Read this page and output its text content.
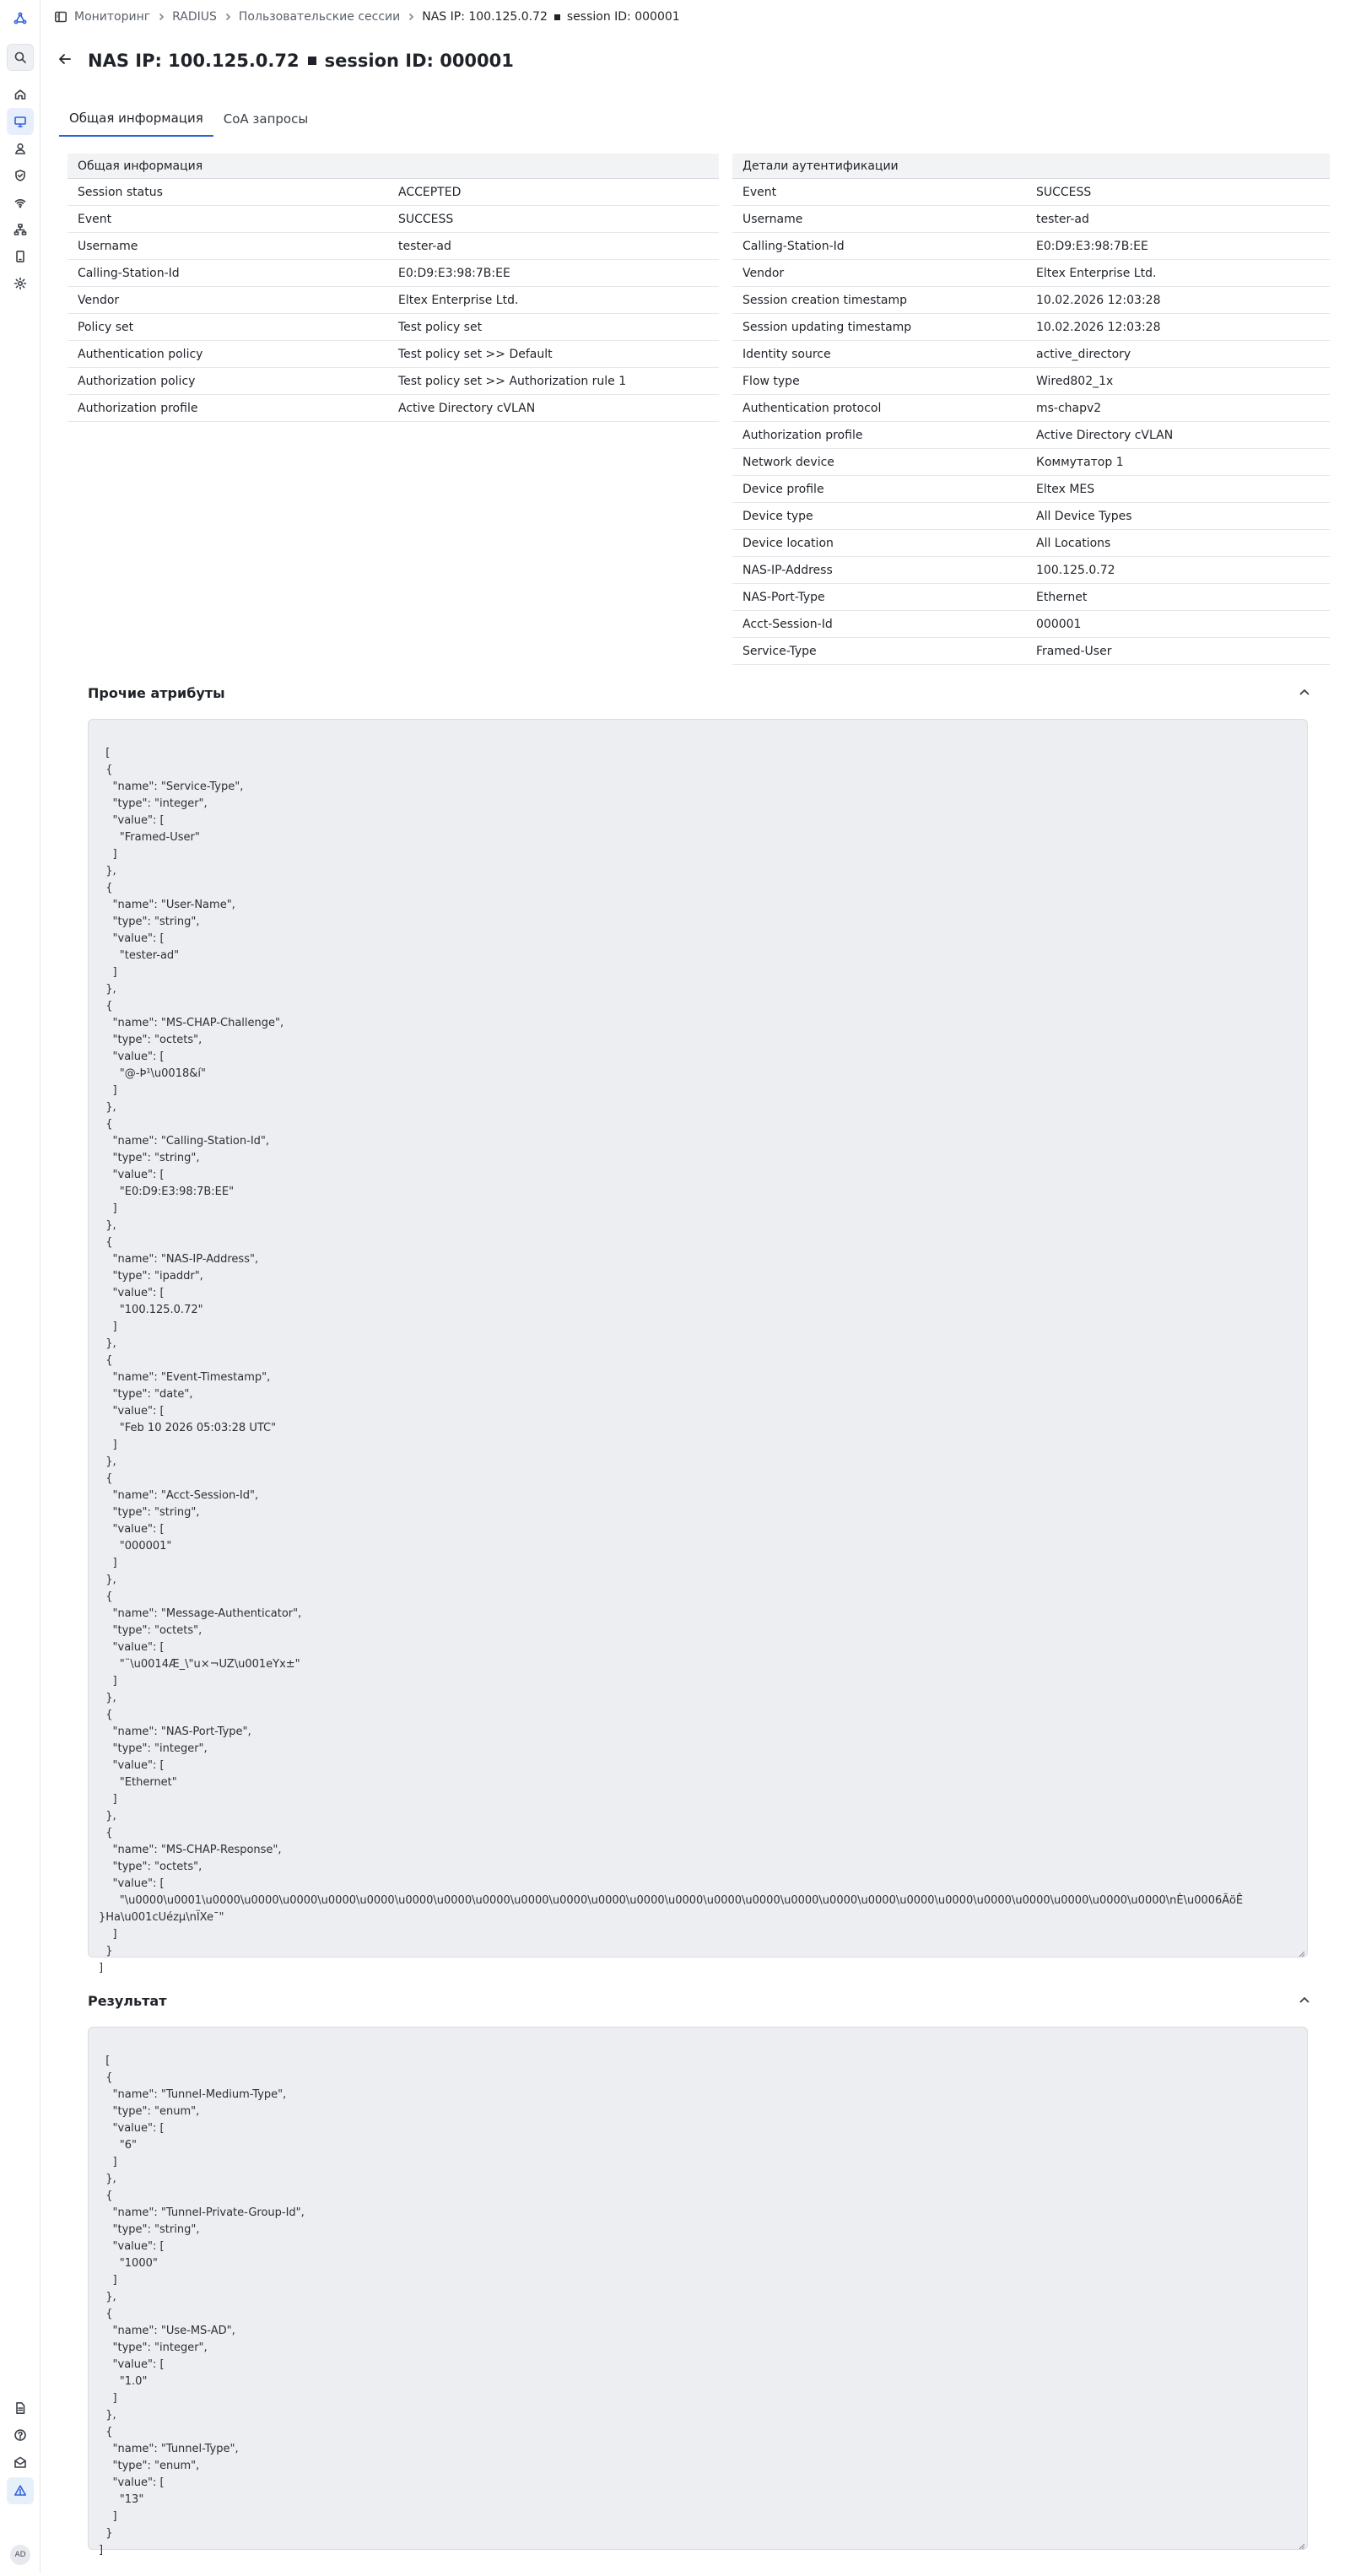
AD
Мониторинг RADIUS Пользовательские сессии NAS IP: 100.125.0.72 session ID: 000001
NAS IP: 100.125.0.72 session ID: 000001
Общая информация	CoA запросы
Общая информация
Session status	ACCEPTED
Event	SUCCESS
Username	tester-ad
Calling-Station-Id	E0:D9:E3:98:7B:EE
Vendor	Eltex Enterprise Ltd.
Policy set	Test policy set
Authentication policy	Test policy set >> Default
Authorization policy	Test policy set >> Authorization rule 1
Authorization profile	Active Directory cVLAN
Детали аутентификации
Event	SUCCESS
Username	tester-ad
Calling-Station-Id	E0:D9:E3:98:7B:EE
Vendor	Eltex Enterprise Ltd.
Session creation timestamp	10.02.2026 12:03:28
Session updating timestamp	10.02.2026 12:03:28
Identity source	active_directory
Flow type	Wired802_1x
Authentication protocol	ms-chapv2
Authorization profile	Active Directory cVLAN
Network device	Коммутатор 1
Device profile	Eltex MES
Device type	All Device Types
Device location	All Locations
NAS-IP-Address	100.125.0.72
NAS-Port-Type	Ethernet
Acct-Session-Id	000001
Service-Type	Framed-User
Прочие атрибуты

[
{
"name": "Service-Type",
"type": "integer",
"value": [
"Framed-User"
]
},
{
"name": "User-Name",
"type": "string",
"value": [
"tester-ad"
]
},
{
"name": "MS-CHAP-Challenge",
"type": "octets",
"value": [
"@-Þ¹\u0018&í"
]
},
{
"name": "Calling-Station-Id",
"type": "string",
"value": [
"E0:D9:E3:98:7B:EE"
]
},
{
"name": "NAS-IP-Address",
"type": "ipaddr",
"value": [
"100.125.0.72"
]
},
{
"name": "Event-Timestamp",
"type": "date",
"value": [
"Feb 10 2026 05:03:28 UTC"
]
},
{
"name": "Acct-Session-Id",
"type": "string",
"value": [
"000001"
]
},
{
"name": "Message-Authenticator",
"type": "octets",
"value": [
"¨\u0014Æ_\"u×¬UZ\u001eYx±"
]
},
{
"name": "NAS-Port-Type",
"type": "integer",
"value": [
"Ethernet"
]
},
{
"name": "MS-CHAP-Response",
"type": "octets",
"value": [
"\u0000\u0001\u0000\u0000\u0000\u0000\u0000\u0000\u0000\u0000\u0000\u0000\u0000\u0000\u0000\u0000\u0000\u0000\u0000\u0000\u0000\u0000\u0000\u0000\u0000\u0000\u0000\nÈ\u0006ÃöÊ
}Ha\u001cUézµ\nÏXe¯"
]
}
]

Результат

[
{
"name": "Tunnel-Medium-Type",
"type": "enum",
"value": [
"6"
]
},
{
"name": "Tunnel-Private-Group-Id",
"type": "string",
"value": [
"1000"
]
},
{
"name": "Use-MS-AD",
"type": "integer",
"value": [
"1.0"
]
},
{
"name": "Tunnel-Type",
"type": "enum",
"value": [
"13"
]
}
]
